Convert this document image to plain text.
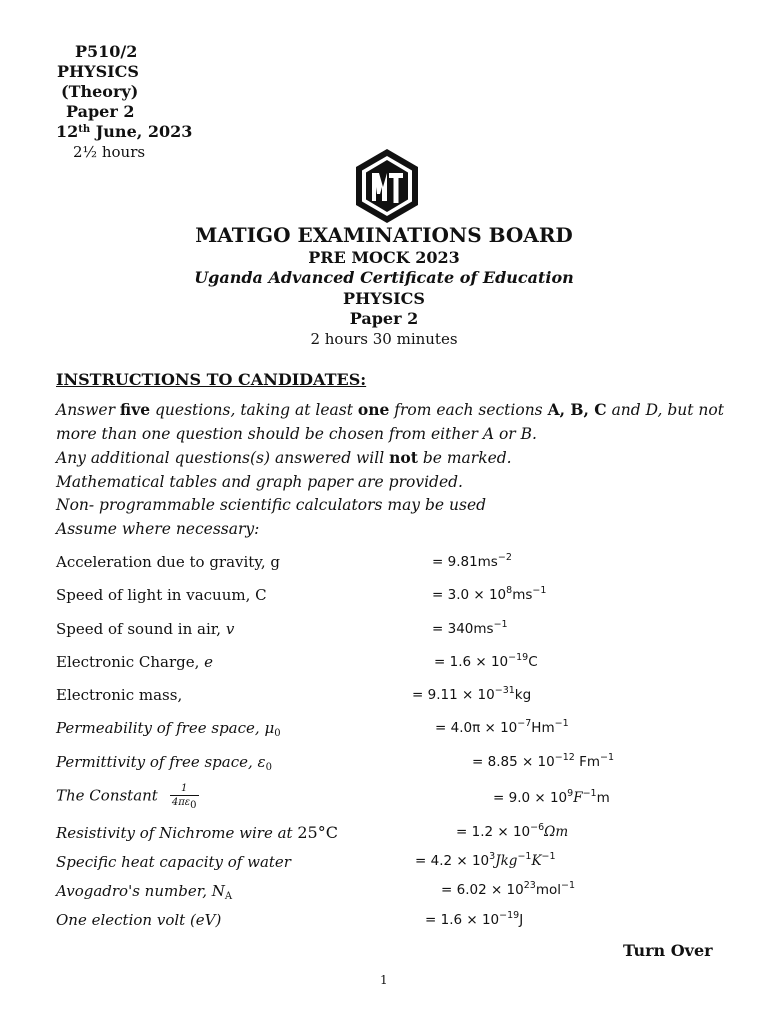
P510/2
PHYSICS
(Theory)
Paper 2
12th June, 2023
2½ hours
MATIGO EXAMINATIONS BOARD
PRE MOCK 2023
Uganda Advanced Certificate of Education
PHYSICS
Paper 2
2 hours 30 minutes
INSTRUCTIONS TO CANDIDATES:
Answer five questions, taking at least one from each sections A, B, C and D, but not
more than one question should be chosen from either A or B.
Any additional questions(s) answered will not be marked.
Mathematical tables and graph paper are provided.
Non- programmable scientific calculators may be used
Assume where necessary:
Acceleration due to gravity, g	= $9.81ms^{-2}$
Speed of light in vacuum, C	= $3.0 \times 10^8ms^{-1}$
Speed of sound in air, v	= $340ms^{-1}$
Electronic Charge, e	= $1.6 \times 10^{-19}C$
Electronic mass,	= $9.11 \times 10^{-31}kg$
Permeability of free space, $\mu_0$	= $4.0\pi \times 10^{-7}Hm^{-1}$
Permittivity of free space, $\varepsilon_0$	= $8.85 \times 10^{-12}$ $Fm^{-1}$
The Constant $\frac{1}{4\pi\varepsilon 0}$	= $9.0 \times 10^9F^{-1}m$
Resistivity of Nichrome wire at 25°C	= $1.2 \times 10^{-6}\Omega m$
Specific heat capacity of water	= $4.2 \times 10^3Jkg^{-1}K^{-1}$
Avogadro's number, $N_A$	= $6.02 \times 10^{23}mol^{-1}$
One election volt (eV)	= $1.6 \times 10^{-19}J$
Turn Over
1
